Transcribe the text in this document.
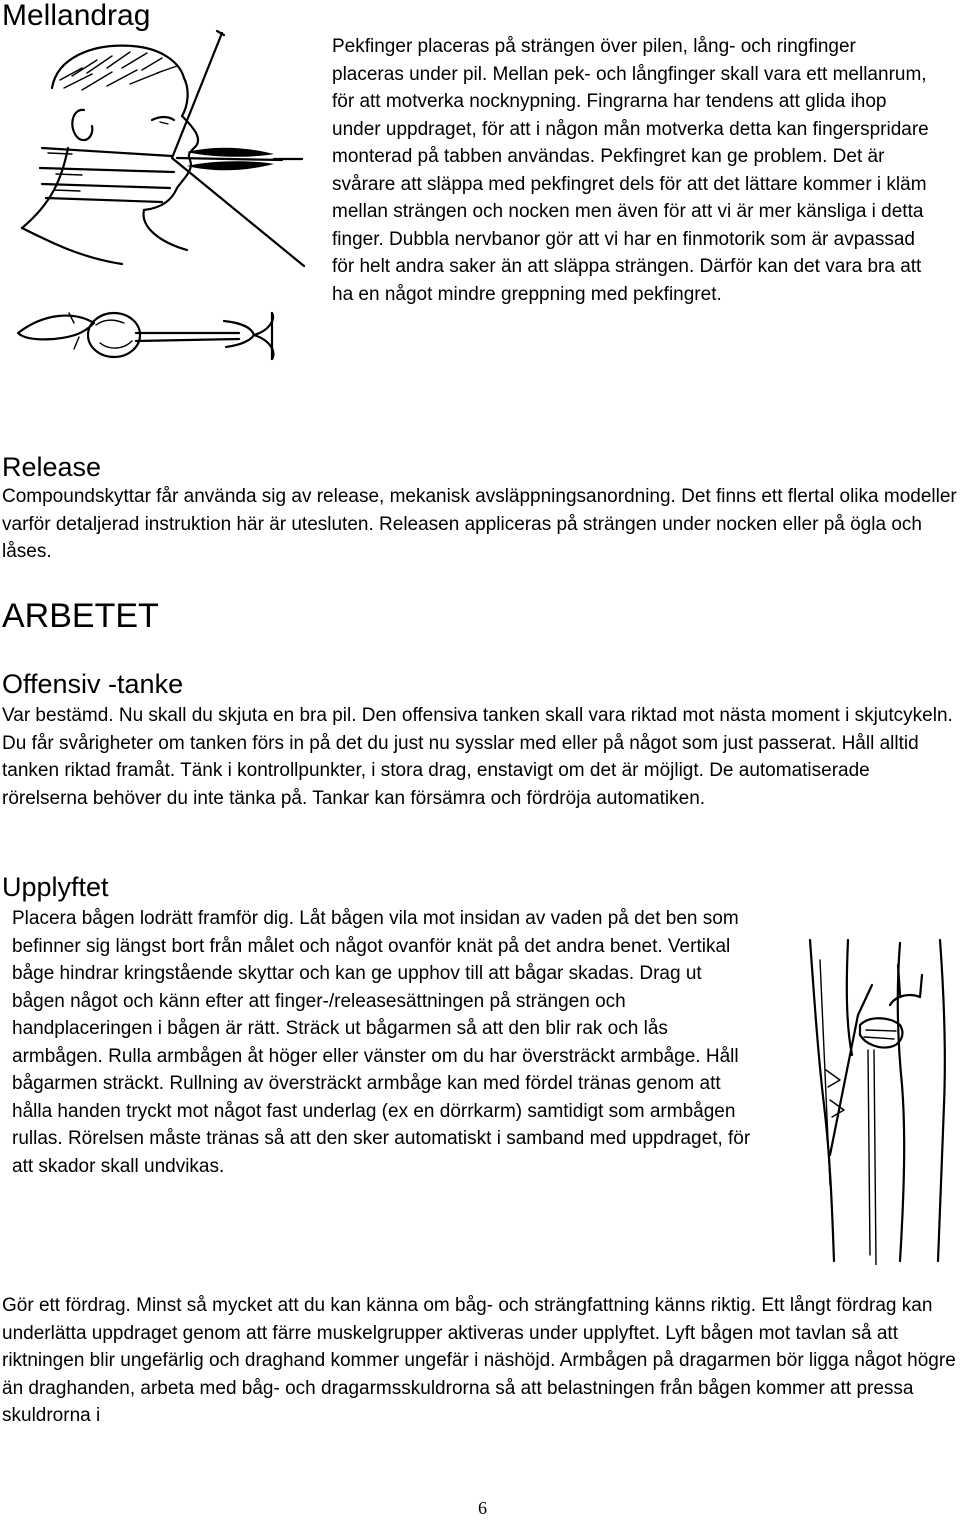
Mellandrag
Pekfinger placeras på strängen över pilen, lång- och ringfinger placeras under pil. Mellan pek- och långfinger skall vara ett mellanrum, för att motverka nocknypning. Fingrarna har tendens att glida ihop under uppdraget, för att i någon mån motverka detta kan fingerspridare monterad på tabben användas. Pekfingret kan ge problem. Det är svårare att släppa med pekfingret dels för att det lättare kommer i kläm mellan strängen och nocken men även för att vi är mer känsliga i detta finger. Dubbla nervbanor gör att vi har en finmotorik som är avpassad för helt andra saker än att släppa strängen. Därför kan det vara bra att ha en något mindre greppning med pekfingret.
Release
Compoundskyttar får använda sig av release, mekanisk avsläppningsanordning. Det finns ett flertal olika modeller varför detaljerad instruktion här är utesluten. Releasen appliceras på strängen under nocken eller på ögla och låses.
ARBETET
Offensiv -tanke
Var bestämd. Nu skall du skjuta en bra pil. Den offensiva tanken skall vara riktad mot nästa moment i skjutcykeln. Du får svårigheter om tanken förs in på det du just nu sysslar med eller på något som just passerat. Håll alltid tanken riktad framåt. Tänk i kontrollpunkter, i stora drag, enstavigt om det är möjligt. De automatiserade rörelserna behöver du inte tänka på. Tankar kan försämra och fördröja automatiken.
Upplyftet
Placera bågen lodrätt framför dig. Låt bågen vila mot insidan av vaden på det ben som befinner sig längst bort från målet och något ovanför knät på det andra benet. Vertikal båge hindrar kringstående skyttar och kan ge upphov till att bågar skadas. Drag ut bågen något och känn efter att finger-/releasesättningen på strängen och handplaceringen i bågen är rätt. Sträck ut bågarmen så att den blir rak och lås armbågen. Rulla armbågen åt höger eller vänster om du har översträckt armbåge. Håll bågarmen sträckt. Rullning av översträckt armbåge kan med fördel tränas genom att hålla handen tryckt mot något fast underlag (ex en dörrkarm) samtidigt som armbågen rullas. Rörelsen måste tränas så att den sker automatiskt i samband med uppdraget, för att skador skall undvikas.
Gör ett fördrag. Minst så mycket att du kan känna om båg- och strängfattning känns riktig. Ett långt fördrag kan underlätta uppdraget genom att färre muskelgrupper aktiveras under upplyftet. Lyft bågen mot tavlan så att riktningen blir ungefärlig och draghand kommer ungefär i näshöjd. Armbågen på dragarmen bör ligga något högre än draghanden, arbeta med båg- och dragarmsskuldrorna så att belastningen från bågen kommer att pressa skuldrorna i
6
